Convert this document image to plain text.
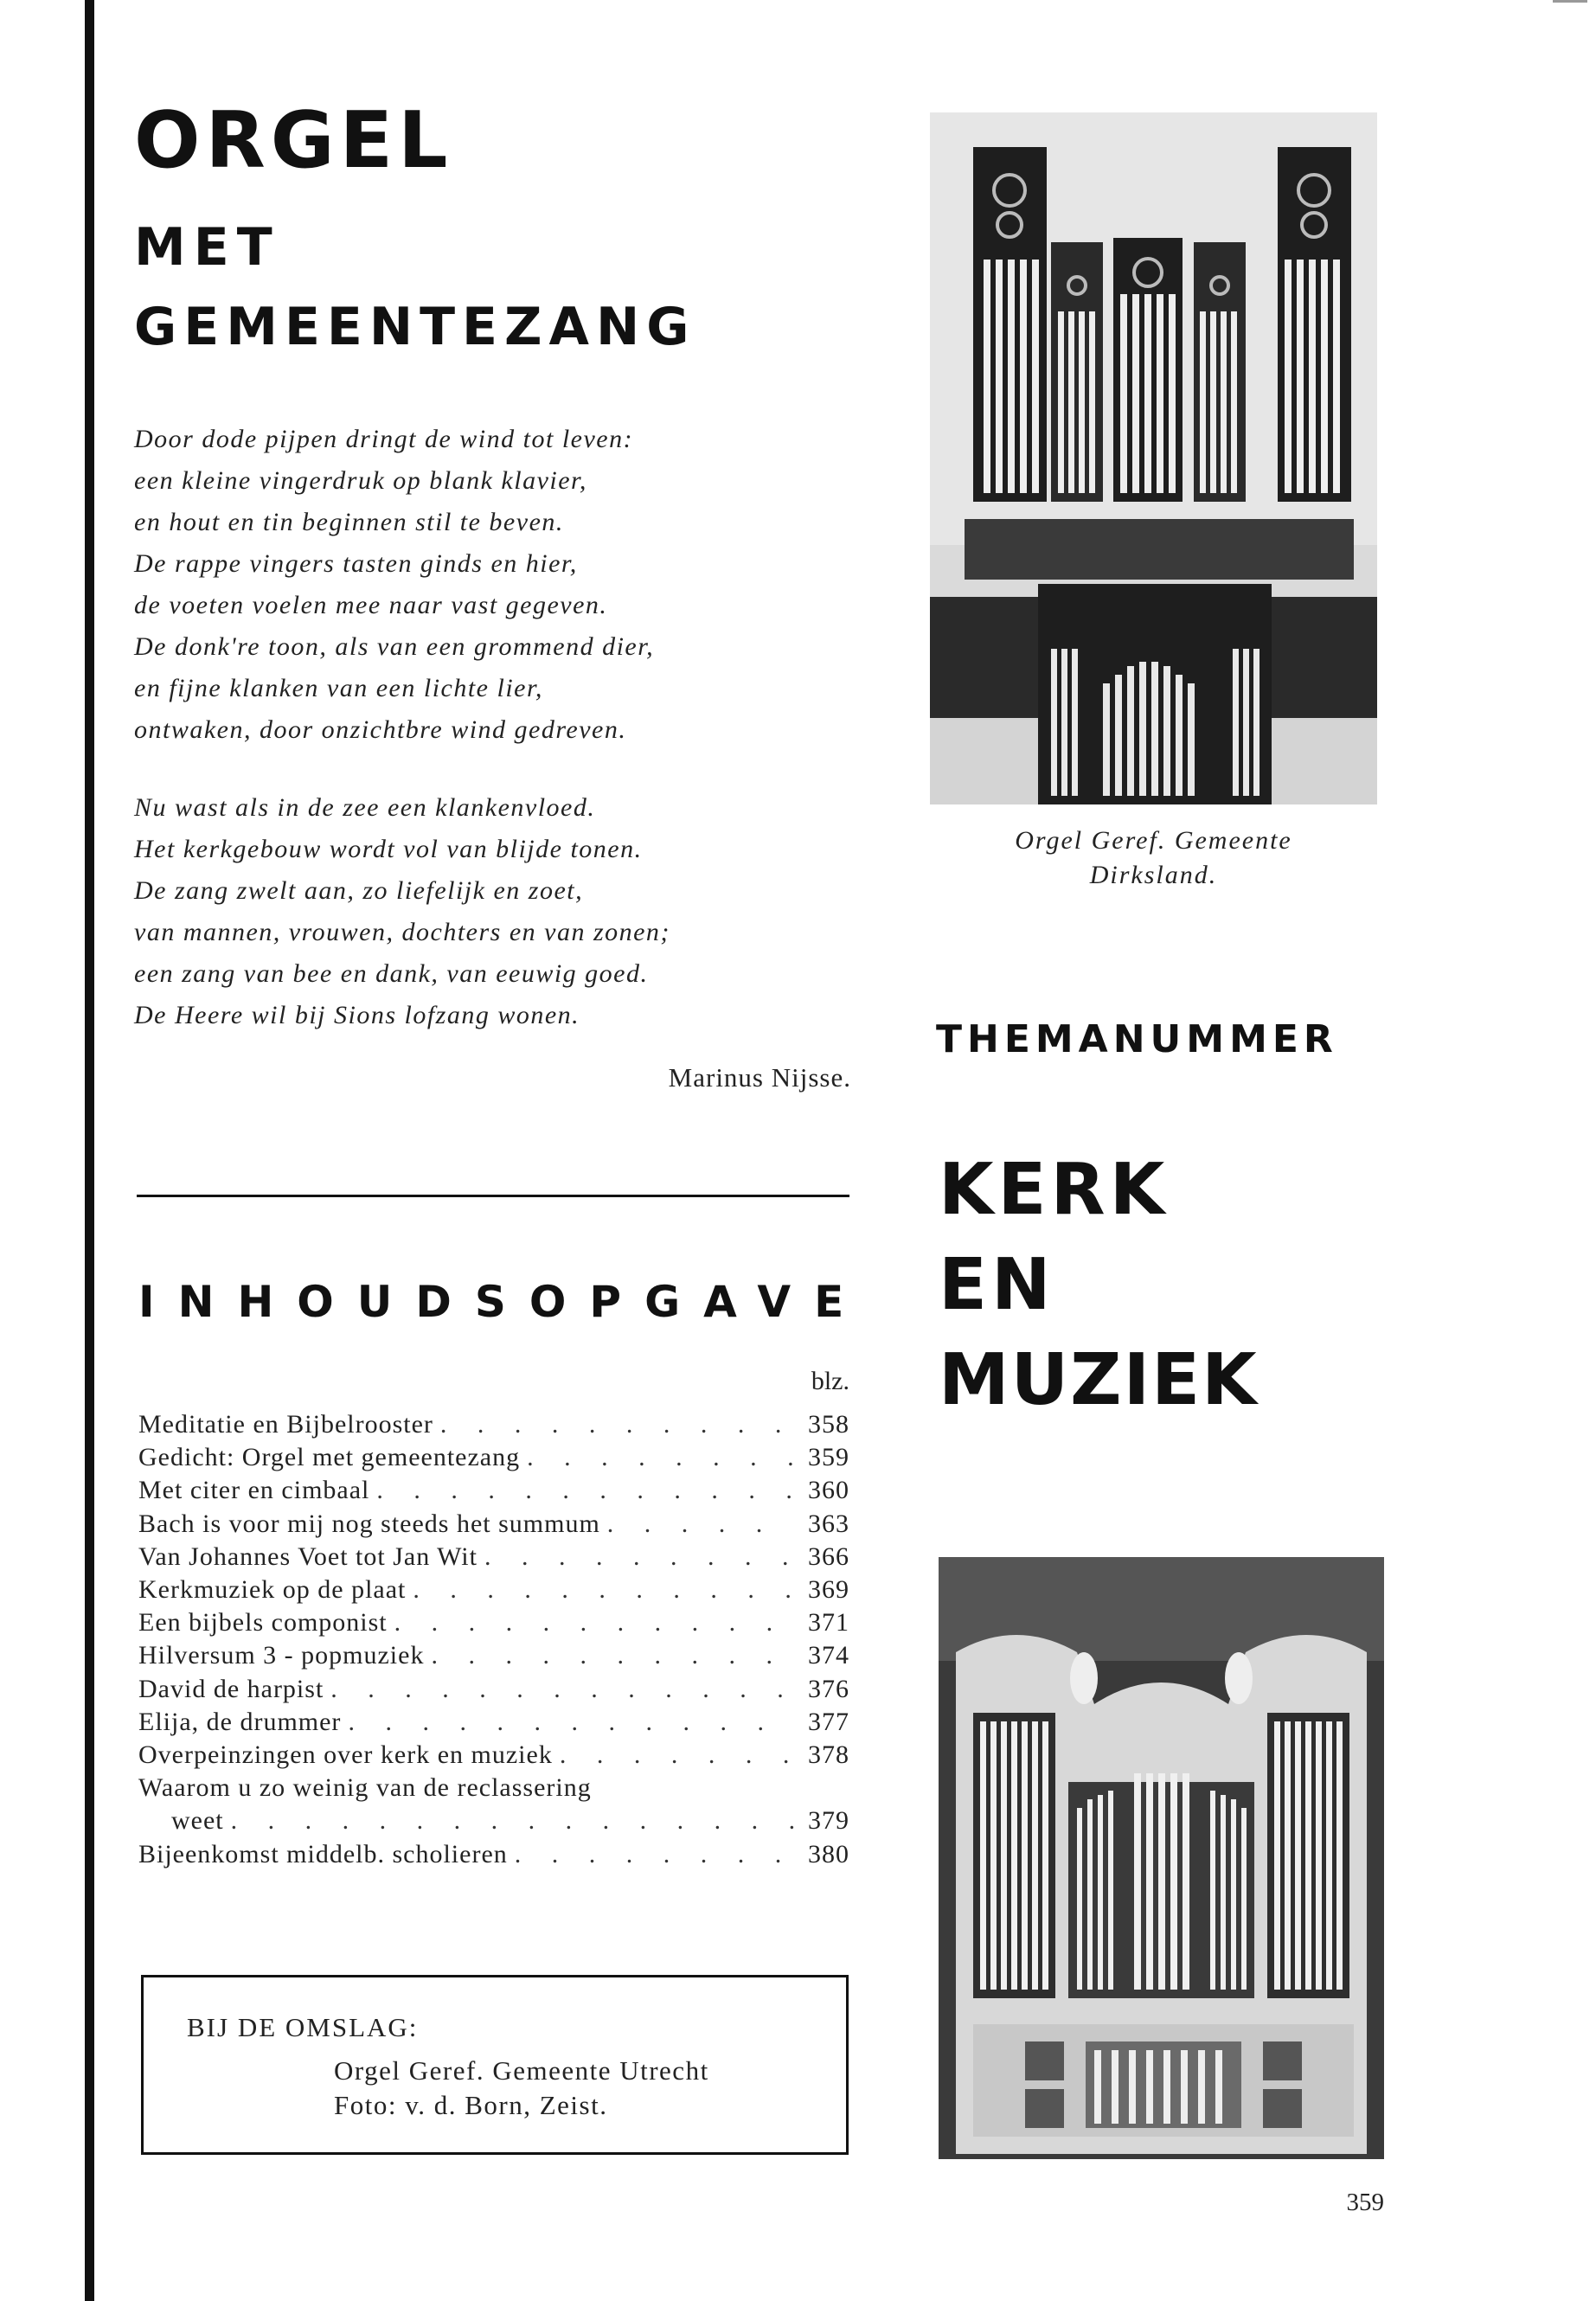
ORGEL
MET
GEMEENTEZANG
Door dode pijpen dringt de wind tot leven:
een kleine vingerdruk op blank klavier,
en hout en tin beginnen stil te beven.
De rappe vingers tasten ginds en hier,
de voeten voelen mee naar vast gegeven.
De donk're toon, als van een grommend dier,
en fijne klanken van een lichte lier,
ontwaken, door onzichtbre wind gedreven.
Nu wast als in de zee een klankenvloed.
Het kerkgebouw wordt vol van blijde tonen.
De zang zwelt aan, zo liefelijk en zoet,
van mannen, vrouwen, dochters en van zonen;
een zang van bee en dank, van eeuwig goed.
De Heere wil bij Sions lofzang wonen.
Marinus Nijsse.
INHOUDSOPGAVE
blz.
Meditatie en Bijbelrooster . . .	358
Gedicht: Orgel met gemeentezang . . .	359
Met citer en cimbaal . . .	360
Bach is voor mij nog steeds het summum . . .	363
Van Johannes Voet tot Jan Wit . . .	366
Kerkmuziek op de plaat . . .	369
Een bijbels componist . . .	371
Hilversum 3 - popmuziek . . .	374
David de harpist . . .	376
Elija, de drummer . . .	377
Overpeinzingen over kerk en muziek . . .	378
Waarom u zo weinig van de reclassering
weet . . .	379
Bijeenkomst middelb. scholieren . . .	380
BIJ DE OMSLAG:
Orgel Geref. Gemeente Utrecht
Foto: v. d. Born, Zeist.
Orgel Geref. Gemeente
Dirksland.
THEMANUMMER
KERK
EN
MUZIEK
359
